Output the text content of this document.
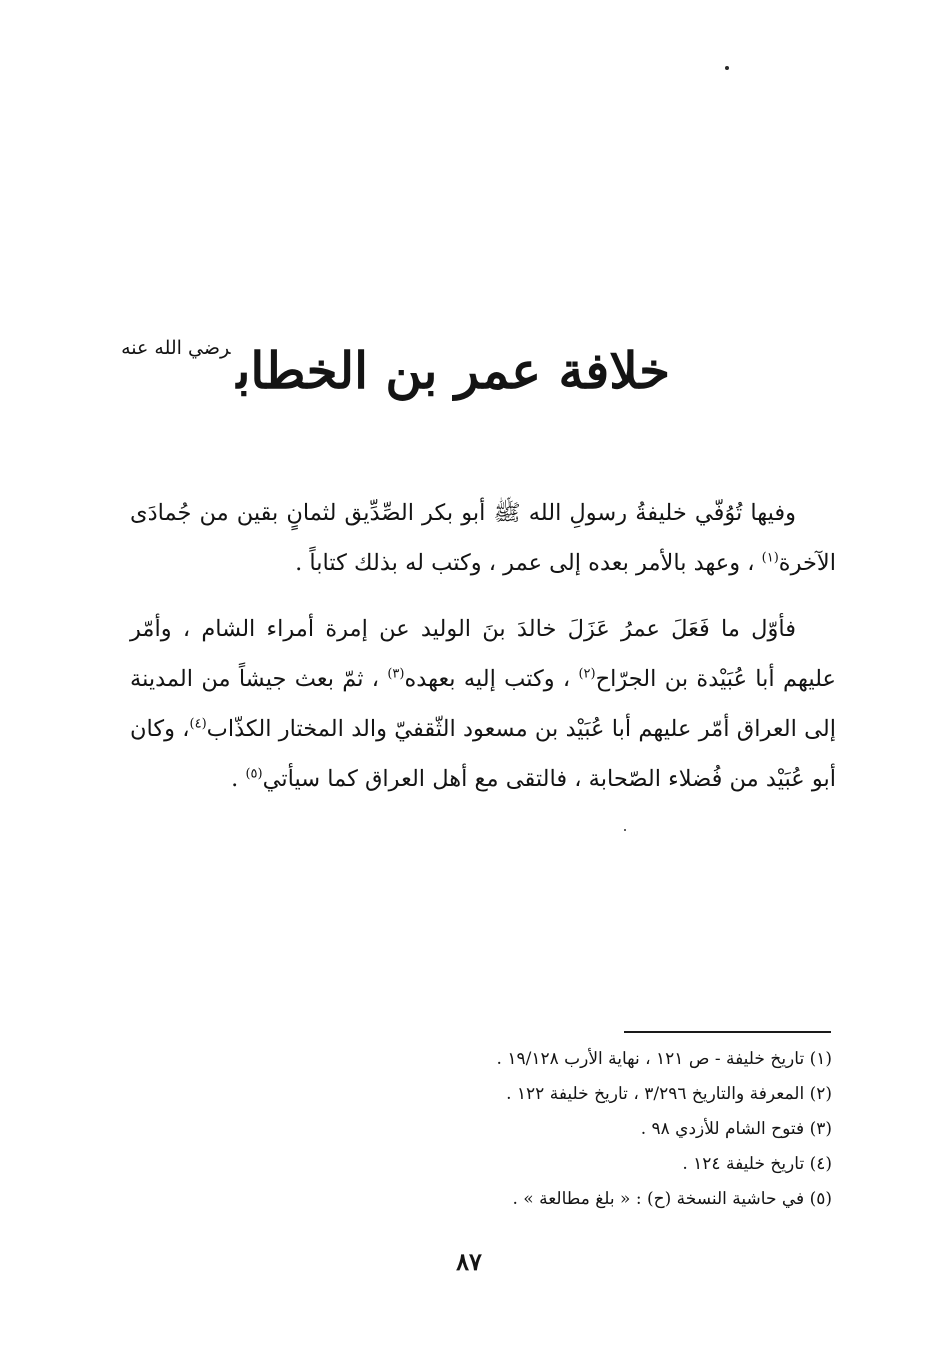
خلافة عمر بن الخطاب$^{رضي الله عنه}$

وفيها تُوُفّي خليفةُ رسولِ الله ﷺ أبو بكر الصِّدِّيق لثمانٍ بقين من جُمادَى الآخرة$^{(١)}$ ، وعهد بالأمر بعده إلى عمر ، وكتب له بذلك كتاباً .

فأوّل ما فَعَلَ عمرُ عَزَلَ خالدَ بنَ الوليد عن إمرة أمراء الشام ، وأمّر عليهم أبا عُبَيْدة بن الجرّاح$^{(٢)}$ ، وكتب إليه بعهده$^{(٣)}$ ، ثمّ بعث جيشاً من المدينة إلى العراق أمّر عليهم أبا عُبَيْد بن مسعود الثّقفيّ والد المختار الكذّاب$^{(٤)}$، وكان أبو عُبَيْد من فُضلاء الصّحابة ، فالتقى مع أهل العراق كما سيأتي$^{(٥)}$ .

(١) تاريخ خليفة - ص ١٢١ ، نهاية الأرب ١٩/١٢٨ .
(٢) المعرفة والتاريخ ٣/٢٩٦ ، تاريخ خليفة ١٢٢ .
(٣) فتوح الشام للأزدي ٩٨ .
(٤) تاريخ خليفة ١٢٤ .
(٥) في حاشية النسخة (ح) : « بلغ مطالعة » .
٨٧
